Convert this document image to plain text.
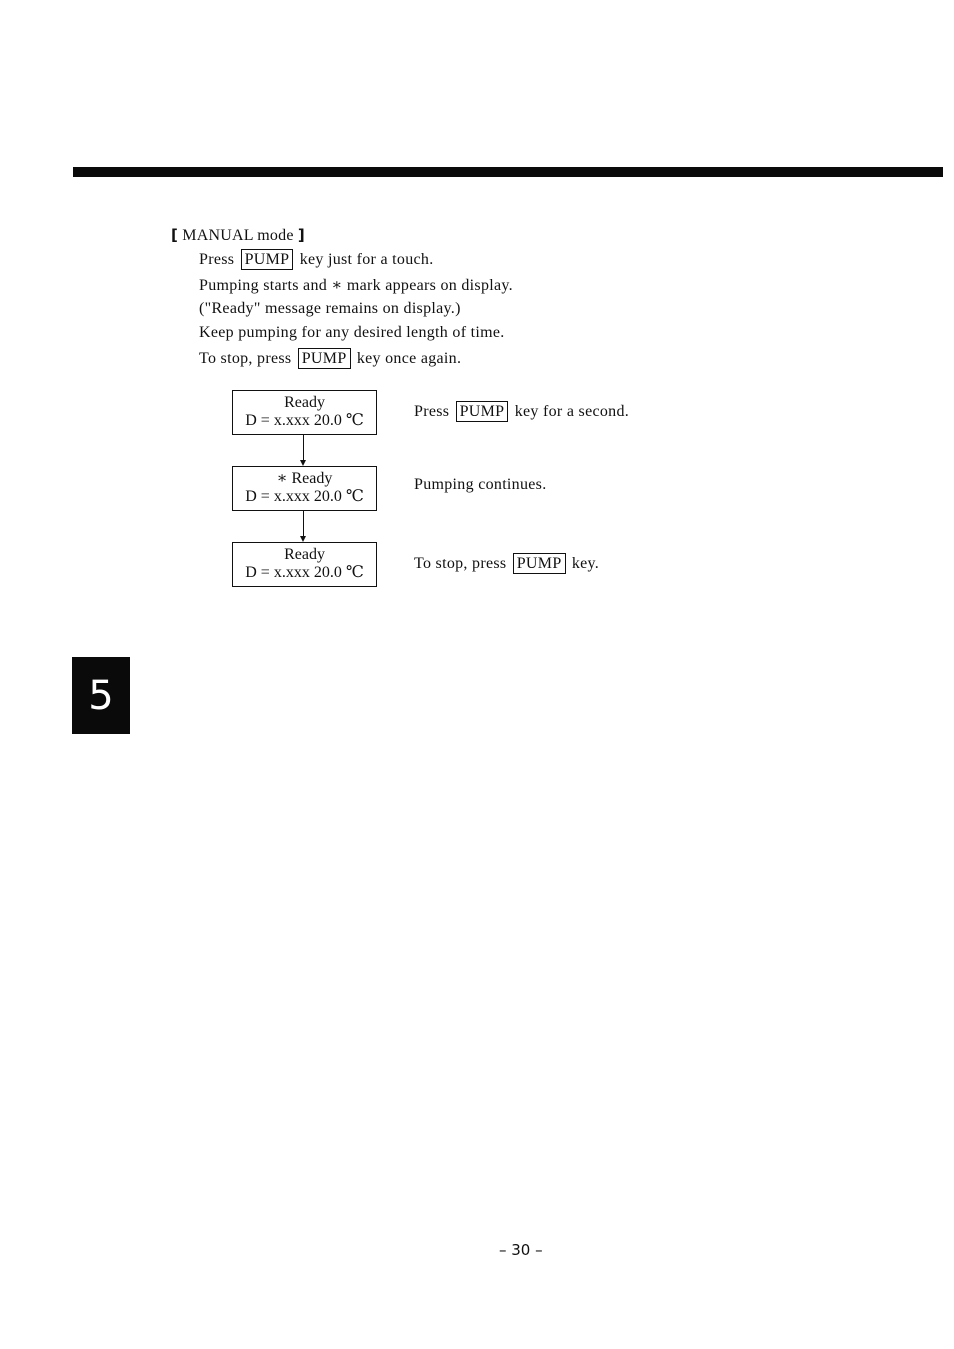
[ MANUAL mode ]
Press PUMP key just for a touch.
Pumping starts and ∗ mark appears on display.
("Ready" message remains on display.)
Keep pumping for any desired length of time.
To stop, press PUMP key once again.
Ready
D = x.xxx 20.0 ℃
Press PUMP key for a second.
∗ Ready
D = x.xxx 20.0 ℃
Pumping continues.
Ready
D = x.xxx 20.0 ℃
To stop, press PUMP key.
5
– 30 –
